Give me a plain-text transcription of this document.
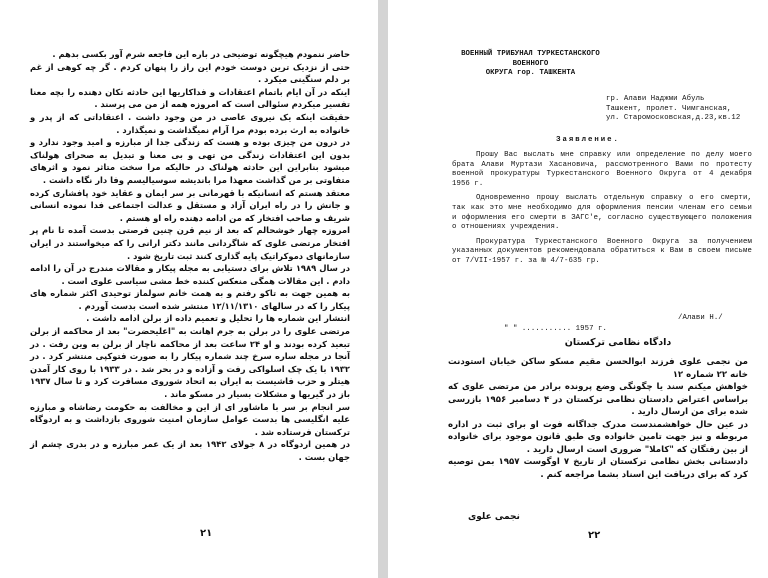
حاضر ننمودم هیچگونه توضیحی در باره این فاجعه شرم آور بکسی بدهم .

حتی از نزدیک ترین دوست خودم این راز را پنهان کردم . گر چه کوهی از غم بر دلم سنگینی میکرد .

اینکه در آن ایام باتمام اعتقادات و فداکاریها این حادثه تکان دهنده را بچه معنا تفسیر میکردم سئوالی است که امروزه همه از من می پرسند .

حقیقت اینکه یک نیروی عاصی در من وجود داشت . اعتقاداتی که از پدر و خانواده به ارث برده بودم مرا آرام نمیگذاشت و نمیگذارد .

در درون من چیزی بوده و هست که زندگی جدا از مبارزه و امید وجود ندارد و بدون این اعتقادات زندگی من تهی و بی معنا و تبدیل به صحرای هولناک میشود بنابراین این حادثه هولناک در حالیکه مرا سخت متاثر نمود و اثرهای متفاوتی بر من گذاشت معهذا مرا باندیشه سوسیالیسم وفا دار نگاه داشت .

معتقد هستم که انسانیکه با قهرمانی بر سر ایمان و عقاید خود پافشاری کرده و جانش را در راه ایران آزاد و مستقل و عدالت اجتماعی فدا نموده انسانی شریف و صاحب افتخار که من ادامه دهنده راه او هستم .

امروزه چهار خوشحالم که بعد از نیم قرن چنین فرصتی بدست آمده تا نام پر افتخار مرتضی علوی که شاگردانی مانند دکتر ارانی را که میخواستند در ایران سازمانهای دموکراتیک پایه گذاری کنند ثبت تاریخ شود .

در سال ۱۹۸۹ تلاش برای دستیابی به مجله پیکار و مقالات مندرج در آن را ادامه دادم . این مقالات همگی منعکس کننده خط مشی سیاسی علوی است .

به همین جهت به تاکو رفتم و به همت خانم سولماز توحیدی اکثر شماره های پیکار را که در سالهای ۱۲/۱۱/۱۳۱۰ منتشر شده است بدست آوردم .

انتشار این شماره ها را تحلیل و تعمیم داده از برلن ادامه داشت .

مرتضی علوی را در برلن به جرم اهانت به "اعلیحضرت" بعد از محاکمه از برلن تبعید کرده بودند و او ۲۴ ساعت بعد از محاکمه ناچار از برلن به وین رفت . در آنجا در مجله ساره سرخ چند شماره پیکار را به صورت فتوکپی منتشر کرد . در ۱۹۳۲ با یک چک اسلواکی رفت و آزاده و در بحر شد . در ۱۹۳۳ با روی کار آمدن هیتلر و حزب فاشیست به ایران به اتحاد شوروی مسافرت کرد و تا سال ۱۹۳۷ باز در گیریها و مشکلات بسیار در مسکو ماند .

سر انجام بر سر با ماشاور ای از این و مخالفت به حکومت رضاشاه و مبارزه علیه انگلیسی ها بدست عوامل سازمان امنیت شوروی بازداشت و به اردوگاه ترکستان فرستاده شد .

در همین اردوگاه در ۸ جولای ۱۹۴۲ بعد از یک عمر مبارزه و در بدری چشم از جهان بست .

۲۱
ВОЕННЫЙ ТРИБУНАЛ ТУРКЕСТАНСКОГО ВОЕННОГО
ОКРУГА гор. ТАШКЕНТА
гр. Алави Наджми Абуль
Ташкент, пролет. Чимганская,
ул. Старомосковская,д.23,кв.12
Заявление.

Прошу Вас выслать мне справку или определение по делу моего брата Алави Муртази Хасановича, рассмотренного Вами по протесту военной прокуратуры Туркестанского Военного Округа от 4 декабря 1956 г.

Одновременно прошу выслать отдельную справку о его смерти, так как это мне необходимо для оформления пенсии членам его семьи и оформления его смерти в ЗАГС'е, согласно существующего положения о отношениях учреждения.

Прокуратура Туркестанского Военного Округа за получением указанных документов рекомендовала обратиться к Вам в своем письме от 7/VII-1957 г. за № 4/7-635 гр.

/Алави Н./
" " ........... 1957 г.

دادگاه نظامی ترکستان

من نجمی علوی فرزند ابوالحسن مقیم مسکو ساکن خیابان استودنت خانه ۲۲ شماره ۱۲

خواهش میکنم سند یا چگونگی وضع پرونده برادر من مرتضی علوی که براساس اعتراض دادستان نظامی ترکستان در ۴ دسامبر ۱۹۵۶ بازرسی شده برای من ارسال دارید .

در عین حال خواهشمندست مدرک جداگانه فوت او برای ثبت در اداره مربوطه و نیز جهت تامین خانواده وی طبق قانون موجود برای خانواده از بین رفتگان که "کاملا" ضروری است ارسال دارید .

دادستانی بخش نظامی ترکستان از تاریخ ۷ اوگوست ۱۹۵۷ بمن توصیه کرد که برای دریافت این اسناد بشما مراجعه کنم .

نجمی علوی
۲۲
